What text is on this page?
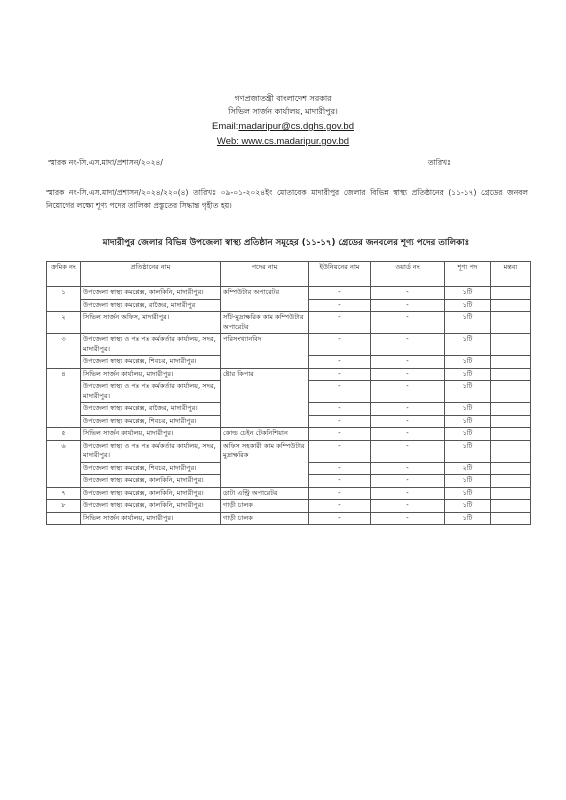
গণপ্রজাতন্ত্রী বাংলাদেশ সরকার
সিভিল সার্জন কার্যালয়, মাদারীপুর।
Email:madaripur@cs.dghs.gov.bd
Web: www.cs.madaripur.gov.bd
স্মারক নং-সি.এস.মাদা/প্রশাসন/২০২৪/	তারিখঃ
স্মারক নং-সি.এস.মাদা/প্রশাসন/২০২৪/২২০(৪) তারিখঃ ০৯-০১-২০২৪ইং মোতাবেক মাদারীপুর জেলার বিভিন্ন স্বাস্থ্য প্রতিষ্ঠানের (১১-১৭) গ্রেডের জনবল নিয়োগের লক্ষ্যে শূণ্য পদের তালিকা প্রস্তুতের সিদ্ধান্ত গৃহীত হয়।
মাদারীপুর জেলার বিভিন্ন উপজেলা স্বাস্থ্য প্রতিষ্ঠান সমূহের (১১-১৭) গ্রেডের জনবলের শূণ্য পদের তালিকাঃ
ক্রমিক নং	প্রতিষ্ঠানের নাম	পদের নাম	ইউনিয়নের নাম	ওয়ার্ড নং	শূণ্য পদ	মন্তব্য
১	উপজেলা স্বাস্থ্য কমপ্লেক্স, কালকিনি, মাদারীপুর।	কম্পিউটার অপারেটর	-	-	১টি	
	উপজেলা স্বাস্থ্য কমপ্লেক্স, রাজৈর, মাদারীপুর		-	-	১টি	
২	সিভিল সার্জন অফিস, মাদারীপুর।	সাঁট-মুদ্রাক্ষরিক কাম কম্পিউটার অপারেটর	-	-	১টি	
৩	উপজেলা স্বাস্থ্য ও পঃ পঃ কর্মকর্তার কার্যালয়, সদর, মাদারীপুর।	পরিসংখ্যানবিদ	-	-	১টি	
	উপজেলা স্বাস্থ্য কমপ্লেক্স, শিবচর, মাদারীপুর।		-	-	১টি	
৪	সিভিল সার্জন কার্যালয়, মাদারীপুর।	ষ্টোর কিপার	-	-	১টি	
	উপজেলা স্বাস্থ্য ও পঃ পঃ কর্মকর্তার কার্যালয়, সদর, মাদারীপুর।		-	-	১টি	
	উপজেলা স্বাস্থ্য কমপ্লেক্স, রাজৈর, মাদারীপুর।		-	-	১টি	
	উপজেলা স্বাস্থ্য কমপ্লেক্স, শিবচর, মাদারীপুর।		-	-	১টি	
৫	সিভিল সার্জন কার্যালয়, মাদারীপুর।	কোল্ড চেইন টেকনিশিয়ান	-	-	১টি	
৬	উপজেলা স্বাস্থ্য ও পঃ পঃ কর্মকর্তার কার্যালয়, সদর, মাদারীপুর।	অফিস সহকারী কাম কম্পিউটার মুদ্রাক্ষরিক	-	-	১টি	
	উপজেলা স্বাস্থ্য কমপ্লেক্স, শিবচর, মাদারীপুর।		-	-	২টি	
	উপজেলা স্বাস্থ্য কমপ্লেক্স, কালকিনি, মাদারীপুর।		-	-	১টি	
৭	উপজেলা স্বাস্থ্য কমপ্লেক্স, কালকিনি, মাদারীপুর।	ডাটা এন্ট্রি অপারেটর	-	-	১টি	
৮	উপজেলা স্বাস্থ্য কমপ্লেক্স, কালকিনি, মাদারীপুর।	গাড়ী চালক	-	-	১টি	
	সিভিল সার্জন কার্যালয়, মাদারীপুর।	গাড়ী চালক	-	-	১টি	
